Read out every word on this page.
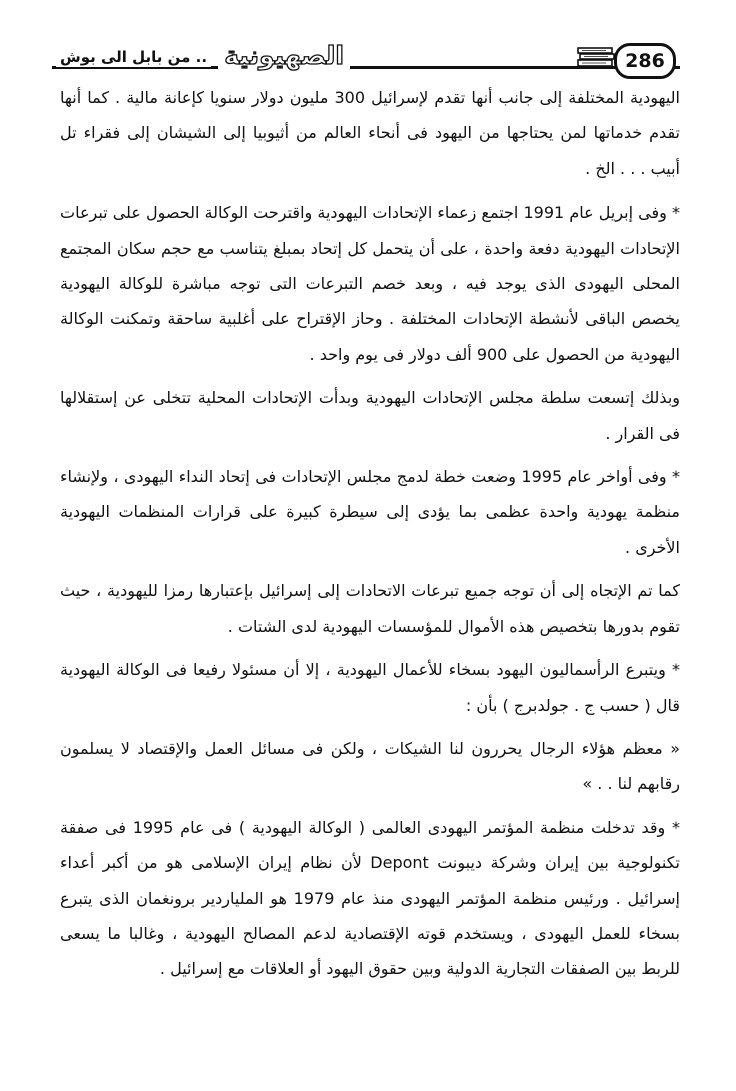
.. من بابل الى بوش الصهيونية	286

اليهودية المختلفة إلى جانب أنها تقدم لإسرائيل 300 مليون دولار سنويا كإعانة مالية . كما أنها تقدم خدماتها لمن يحتاجها من اليهود فى أنحاء العالم من أثيوبيا إلى الشيشان إلى فقراء تل أبيب . . . الخ .

* وفى إبريل عام 1991 اجتمع زعماء الإتحادات اليهودية واقترحت الوكالة الحصول على تبرعات الإتحادات اليهودية دفعة واحدة ، على أن يتحمل كل إتحاد بمبلغ يتناسب مع حجم سكان المجتمع المحلى اليهودى الذى يوجد فيه ، وبعد خصم التبرعات التى توجه مباشرة للوكالة اليهودية يخصص الباقى لأنشطة الإتحادات المختلفة . وحاز الإقتراح على أغلبية ساحقة وتمكنت الوكالة اليهودية من الحصول على 900 ألف دولار فى يوم واحد .

وبذلك إتسعت سلطة مجلس الإتحادات اليهودية وبدأت الإتحادات المحلية تتخلى عن إستقلالها فى القرار .

* وفى أواخر عام 1995 وضعت خطة لدمج مجلس الإتحادات فى إتحاد النداء اليهودى ، ولإنشاء منظمة يهودية واحدة عظمى بما يؤدى إلى سيطرة كبيرة على قرارات المنظمات اليهودية الأخرى .

كما تم الإتجاه إلى أن توجه جميع تبرعات الاتحادات إلى إسرائيل بإعتبارها رمزا لليهودية ، حيث تقوم بدورها بتخصيص هذه الأموال للمؤسسات اليهودية لدى الشتات .

* ويتبرع الرأسماليون اليهود بسخاء للأعمال اليهودية ، إلا أن مسئولا رفيعا فى الوكالة اليهودية قال ( حسب ج . جولدبرج ) بأن :

« معظم هؤلاء الرجال يحررون لنا الشيكات ، ولكن فى مسائل العمل والإقتصاد لا يسلمون رقابهم لنا . . »

* وقد تدخلت منظمة المؤتمر اليهودى العالمى ( الوكالة اليهودية ) فى عام 1995 فى صفقة تكنولوجية بين إيران وشركة ديبونت Depont لأن نظام إيران الإسلامى هو من أكبر أعداء إسرائيل . ورئيس منظمة المؤتمر اليهودى منذ عام 1979 هو الملياردير برونغمان الذى يتبرع بسخاء للعمل اليهودى ، ويستخدم قوته الإقتصادية لدعم المصالح اليهودية ، وغالبا ما يسعى للربط بين الصفقات التجارية الدولية وبين حقوق اليهود أو العلاقات مع إسرائيل .
